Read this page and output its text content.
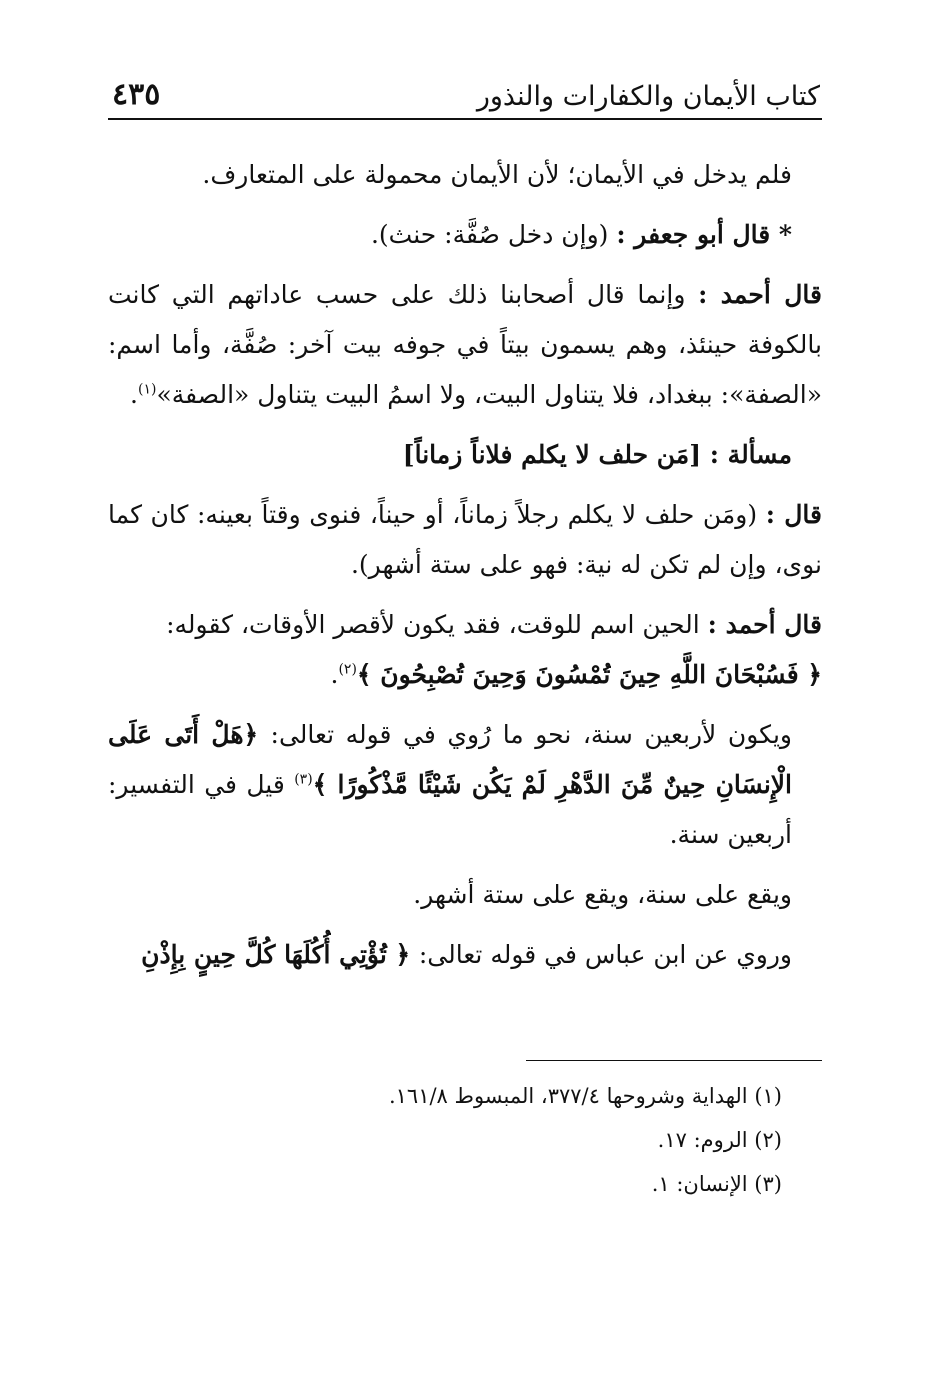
كتاب الأيمان والكفارات والنذور
٤٣٥

فلم يدخل في الأيمان؛ لأن الأيمان محمولة على المتعارف.

* قال أبو جعفر : (وإن دخل صُفَّة: حنث).

قال أحمد : وإنما قال أصحابنا ذلك على حسب عاداتهم التي كانت بالكوفة حينئذ، وهم يسمون بيتاً في جوفه بيت آخر: صُفَّة، وأما اسم: «الصفة»: ببغداد، فلا يتناول البيت، ولا اسمُ البيت يتناول «الصفة»$^{(١)}$.

مسألة : [مَن حلف لا يكلم فلاناً زماناً]

قال : (ومَن حلف لا يكلم رجلاً زماناً، أو حيناً، فنوى وقتاً بعينه: كان كما نوى، وإن لم تكن له نية: فهو على ستة أشهر).

قال أحمد : الحين اسم للوقت، فقد يكون لأقصر الأوقات، كقوله:
﴿ فَسُبْحَانَ اللَّهِ حِينَ تُمْسُونَ وَحِينَ تُصْبِحُونَ ﴾$^{(٢)}$.

ويكون لأربعين سنة، نحو ما رُوي في قوله تعالى: ﴿هَلْ أَتَى عَلَى الْإِنسَانِ حِينٌ مِّنَ الدَّهْرِ لَمْ يَكُن شَيْئًا مَّذْكُورًا ﴾$^{(٣)}$ قيل في التفسير: أربعين سنة.

ويقع على سنة، ويقع على ستة أشهر.

وروي عن ابن عباس في قوله تعالى: ﴿ تُؤْتِي أُكُلَهَا كُلَّ حِينٍ بِإِذْنِ

(١) الهداية وشروحها ٣٧٧/٤، المبسوط ١٦١/٨.
(٢) الروم: ١٧.
(٣) الإنسان: ١.
